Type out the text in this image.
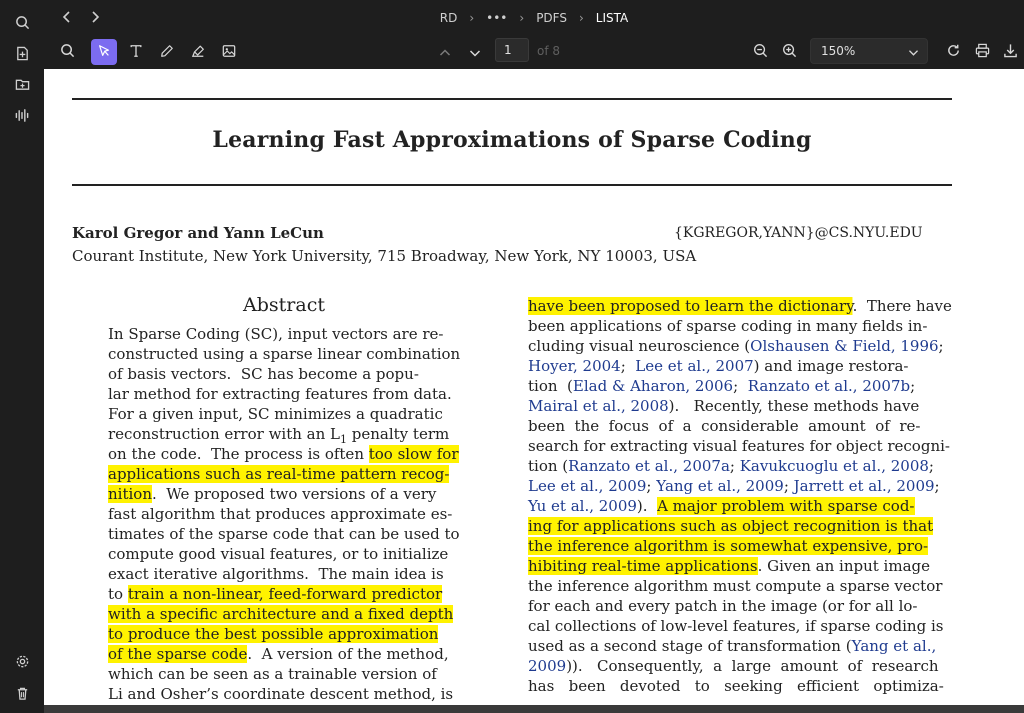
RD › ••• › PDFS › LISTA
1	of 8	150%
Learning Fast Approximations of Sparse Coding
Karol Gregor and Yann LeCun	{KGREGOR,YANN}@CS.NYU.EDU
Courant Institute, New York University, 715 Broadway, New York, NY 10003, USA
Abstract
In Sparse Coding (SC), input vectors are re-
constructed using a sparse linear combination
of basis vectors.  SC has become a popu-
lar method for extracting features from data.
For a given input, SC minimizes a quadratic
reconstruction error with an $L_1$ penalty term
on the code.  The process is often too slow for
applications such as real-time pattern recog-
nition.  We proposed two versions of a very
fast algorithm that produces approximate es-
timates of the sparse code that can be used to
compute good visual features, or to initialize
exact iterative algorithms.  The main idea is
to train a non-linear, feed-forward predictor
with a specific architecture and a fixed depth
to produce the best possible approximation
of the sparse code.  A version of the method,
which can be seen as a trainable version of
Li and Osher’s coordinate descent method, is
have been proposed to learn the dictionary.  There have
been applications of sparse coding in many fields in-
cluding visual neuroscience (Olshausen & Field, 1996;
Hoyer, 2004;  Lee et al., 2007) and image restora-
tion  (Elad & Aharon, 2006;  Ranzato et al., 2007b;
Mairal et al., 2008).   Recently, these methods have
been  the  focus  of  a  considerable  amount  of  re-
search for extracting visual features for object recogni-
tion (Ranzato et al., 2007a; Kavukcuoglu et al., 2008;
Lee et al., 2009; Yang et al., 2009; Jarrett et al., 2009;
Yu et al., 2009).  A major problem with sparse cod-
ing for applications such as object recognition is that
the inference algorithm is somewhat expensive, pro-
hibiting real-time applications. Given an input image
the inference algorithm must compute a sparse vector
for each and every patch in the image (or for all lo-
cal collections of low-level features, if sparse coding is
used as a second stage of transformation (Yang et al.,
2009)).   Consequently,  a  large  amount  of  research
has   been   devoted   to   seeking   efficient   optimiza-
